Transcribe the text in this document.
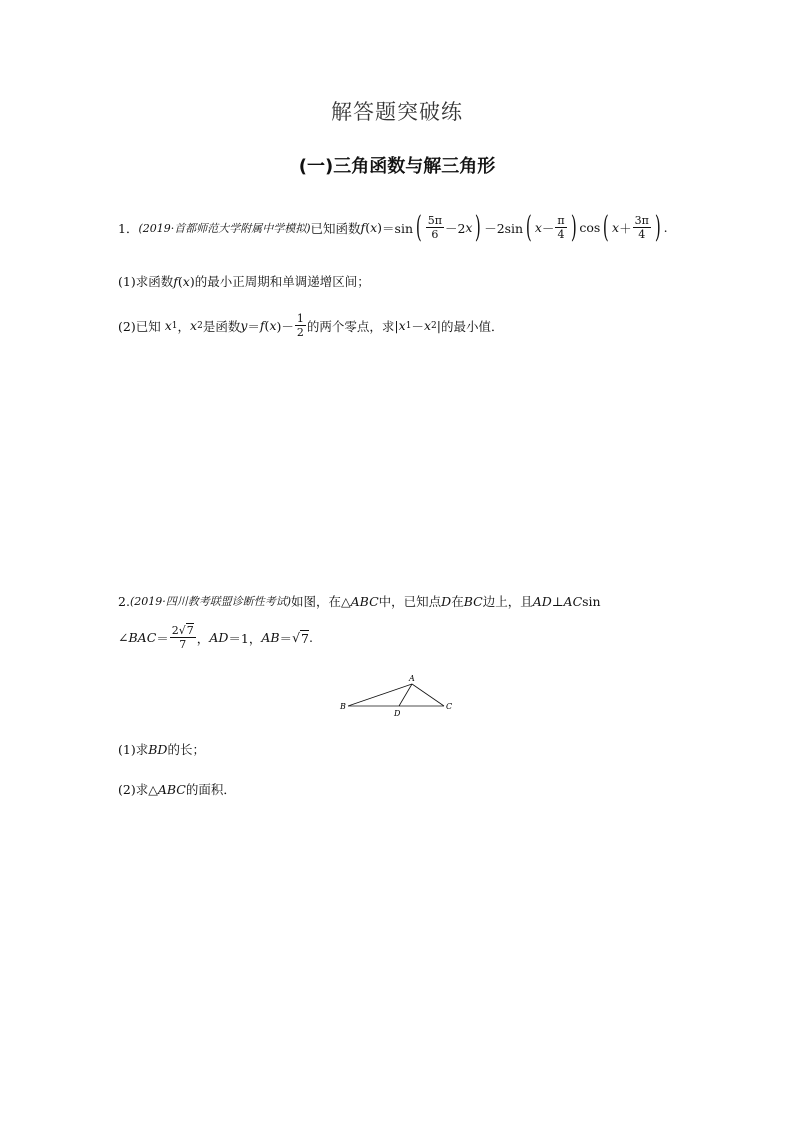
解答题突破练
(一)三角函数与解三角形
1． (2019·首都师范大学附属中学模拟) 已知函数 f ( x ) ＝sin ( $\frac{5\pi}{6} -2$ x ) －2sin ( $x - \frac{\pi}{4}$ ) cos ( $x + \frac{3\pi}{4}$ ) .
(1)求函数 f ( x ) 的最小正周期和单调递增区间；
(2)已知
x 1 ， x 2 是函数 y ＝ f ( x )－ $\frac{1}{2}$ 的两个零点，求 | x 1 － x 2 | 的最小值．
2. (2019·四川教考联盟诊断性考试) 如图，在△ ABC 中，已知点 D 在 BC 边上，且 AD ⊥ AC sin
∠ BAC ＝ $\frac{2√7}{7}$ ， AD ＝1， AB ＝ √ 7 .
A
B	C
D
(1)求 BD 的长；
(2)求△ ABC 的面积．
